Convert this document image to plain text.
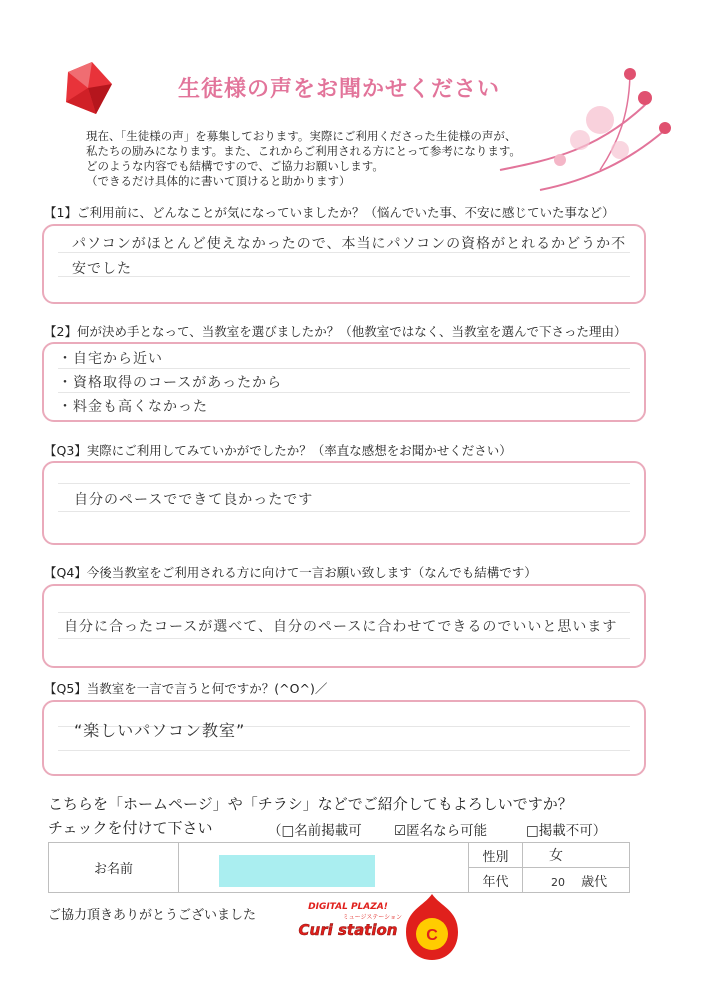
生徒様の声をお聞かせください
現在、「生徒様の声」を募集しております。実際にご利用くださった生徒様の声が、
私たちの励みになります。また、これからご利用される方にとって参考になります。
どのような内容でも結構ですので、ご協力お願いします。
（できるだけ具体的に書いて頂けると助かります）
【1】ご利用前に、どんなことが気になっていましたか？（悩んでいた事、不安に感じていた事など）
パソコンがほとんど使えなかったので、本当にパソコンの資格がとれるかどうか不安でした
【2】何が決め手となって、当教室を選びましたか？（他教室ではなく、当教室を選んで下さった理由）
・自宅から近い
・資格取得のコースがあったから
・料金も高くなかった
【Q3】実際にご利用してみていかがでしたか？（率直な感想をお聞かせください）
自分のペースでできて良かったです
【Q4】今後当教室をご利用される方に向けて一言お願い致します（なんでも結構です）
自分に合ったコースが選べて、自分のペースに合わせてできるのでいいと思います
【Q5】当教室を一言で言うと何ですか？(^O^)／
“楽しいパソコン教室”
こちらを「ホームページ」や「チラシ」などでご紹介してもよろしいですか？
チェックを付けて下さい	（□名前掲載可 ☑匿名なら可能	□掲載不可）
お名前		性別	女
		年代	20 歳代
ご協力頂きありがとうございました
DIGITAL PLAZA!
ミュージステーション
Curi station	C
